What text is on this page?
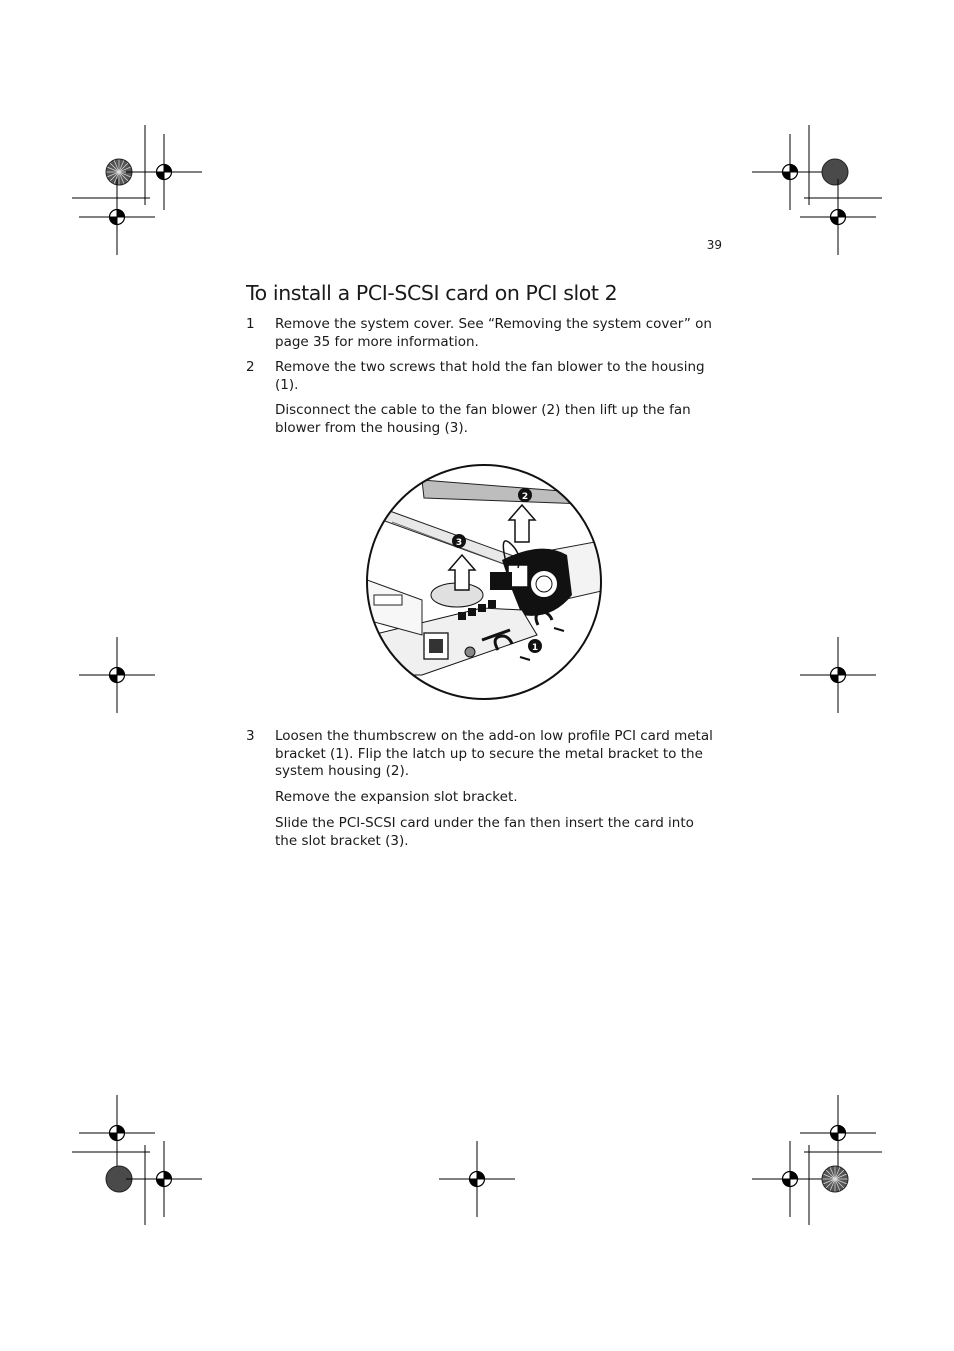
39
To install a PCI-SCSI card on PCI slot 2
1 Remove the system cover. See “Removing the system cover” on page 35 for more information.
2 Remove the two screws that hold the fan blower to the housing (1).
Disconnect the cable to the fan blower (2) then lift up the fan blower from the housing (3).
2
3
1
3 Loosen the thumbscrew on the add-on low profile PCI card metal bracket (1). Flip the latch up to secure the metal bracket to the system housing (2).
Remove the expansion slot bracket.
Slide the PCI-SCSI card under the fan then insert the card into the slot bracket (3).
